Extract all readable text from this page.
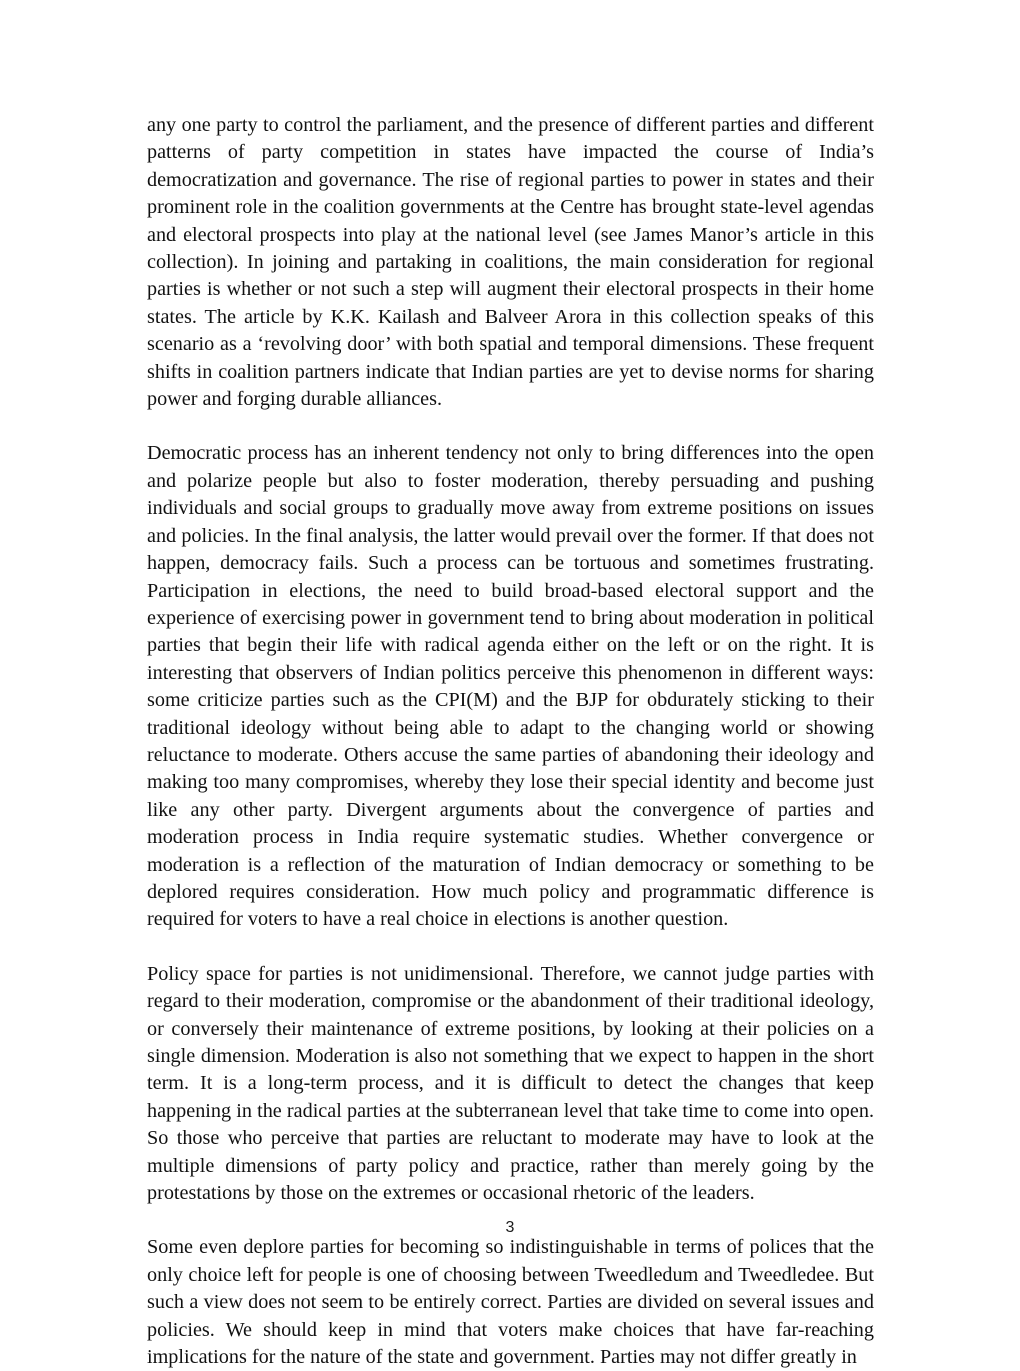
any one party to control the parliament, and the presence of different parties and different patterns of party competition in states have impacted the course of India’s democratization and governance. The rise of regional parties to power in states and their prominent role in the coalition governments at the Centre has brought state-level agendas and electoral prospects into play at the national level (see James Manor’s article in this collection). In joining and partaking in coalitions, the main consideration for regional parties is whether or not such a step will augment their electoral prospects in their home states. The article by K.K. Kailash and Balveer Arora in this collection speaks of this scenario as a ‘revolving door’ with both spatial and temporal dimensions. These frequent shifts in coalition partners indicate that Indian parties are yet to devise norms for sharing power and forging durable alliances.

Democratic process has an inherent tendency not only to bring differences into the open and polarize people but also to foster moderation, thereby persuading and pushing individuals and social groups to gradually move away from extreme positions on issues and policies. In the final analysis, the latter would prevail over the former. If that does not happen, democracy fails. Such a process can be tortuous and sometimes frustrating. Participation in elections, the need to build broad-based electoral support and the experience of exercising power in government tend to bring about moderation in political parties that begin their life with radical agenda either on the left or on the right. It is interesting that observers of Indian politics perceive this phenomenon in different ways: some criticize parties such as the CPI(M) and the BJP for obdurately sticking to their traditional ideology without being able to adapt to the changing world or showing reluctance to moderate. Others accuse the same parties of abandoning their ideology and making too many compromises, whereby they lose their special identity and become just like any other party. Divergent arguments about the convergence of parties and moderation process in India require systematic studies. Whether convergence or moderation is a reflection of the maturation of Indian democracy or something to be deplored requires consideration. How much policy and programmatic difference is required for voters to have a real choice in elections is another question.

Policy space for parties is not unidimensional. Therefore, we cannot judge parties with regard to their moderation, compromise or the abandonment of their traditional ideology, or conversely their maintenance of extreme positions, by looking at their policies on a single dimension. Moderation is also not something that we expect to happen in the short term. It is a long-term process, and it is difficult to detect the changes that keep happening in the radical parties at the subterranean level that take time to come into open. So those who perceive that parties are reluctant to moderate may have to look at the multiple dimensions of party policy and practice, rather than merely going by the protestations by those on the extremes or occasional rhetoric of the leaders.

Some even deplore parties for becoming so indistinguishable in terms of polices that the only choice left for people is one of choosing between Tweedledum and Tweedledee. But such a view does not seem to be entirely correct. Parties are divided on several issues and policies. We should keep in mind that voters make choices that have far-reaching implications for the nature of the state and government. Parties may not differ greatly in

3
